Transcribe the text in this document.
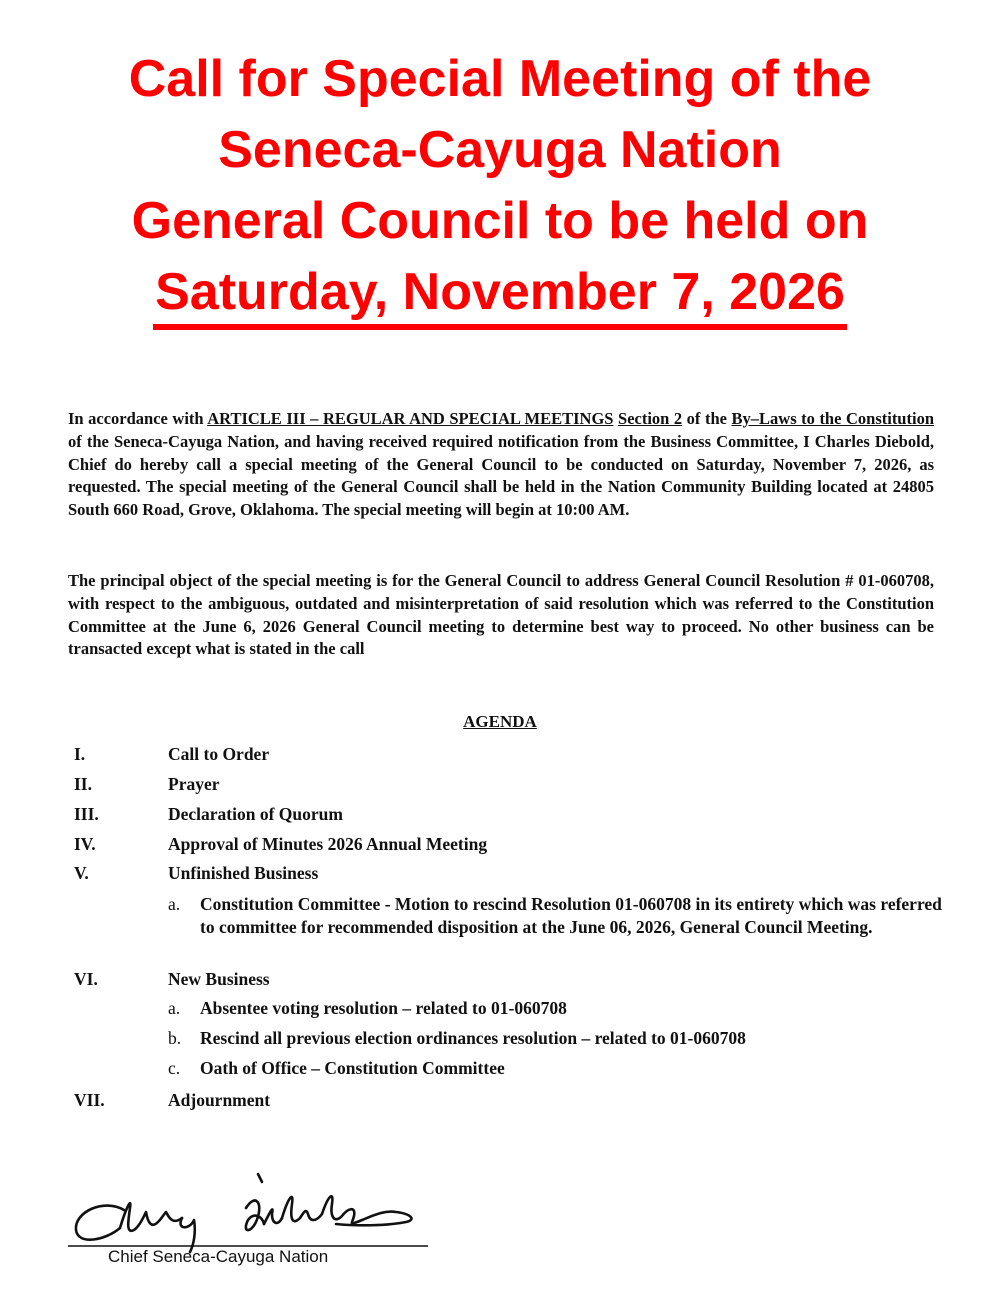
Call for Special Meeting of the
Seneca-Cayuga Nation
General Council to be held on
Saturday, November 7, 2026
In accordance with ARTICLE III – REGULAR AND SPECIAL MEETINGS Section 2 of the By–Laws to the Constitution of the Seneca-Cayuga Nation, and having received required notification from the Business Committee, I Charles Diebold, Chief do hereby call a special meeting of the General Council to be conducted on Saturday, November 7, 2026, as requested. The special meeting of the General Council shall be held in the Nation Community Building located at 24805 South 660 Road, Grove, Oklahoma. The special meeting will begin at 10:00 AM.
The principal object of the special meeting is for the General Council to address General Council Resolution # 01-060708, with respect to the ambiguous, outdated and misinterpretation of said resolution which was referred to the Constitution Committee at the June 6, 2026 General Council meeting to determine best way to proceed. No other business can be transacted except what is stated in the call
AGENDA
I.	Call to Order
II.	Prayer
III.	Declaration of Quorum
IV.	Approval of Minutes 2026 Annual Meeting
V.	Unfinished Business
a. Constitution Committee - Motion to rescind Resolution 01-060708 in its entirety which was referred to committee for recommended disposition at the June 06, 2026, General Council Meeting.
VI.	New Business
a. Absentee voting resolution – related to 01-060708
b. Rescind all previous election ordinances resolution – related to 01-060708
c. Oath of Office – Constitution Committee
VII.	Adjournment
Chief Seneca-Cayuga Nation
